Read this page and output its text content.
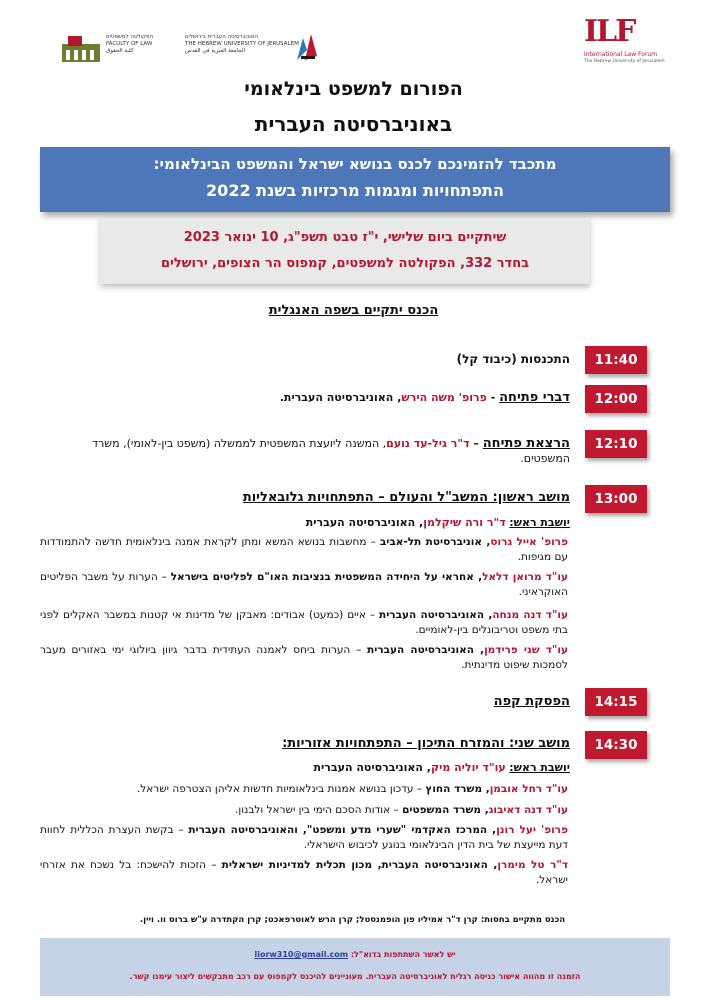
הפקולטה למשפטים
FACULTY OF LAW
كلية الحقوق
האוניברסיטה העברית בירושלים
THE HEBREW UNIVERSITY OF JERUSALEM
الجامعة العبرية في القدس
ILF
International Law Forum
The Hebrew University of Jerusalem
הפורום למשפט בינלאומי
באוניברסיטה העברית
מתכבד להזמינכם לכנס בנושא ישראל והמשפט הבינלאומי:
התפתחויות ומגמות מרכזיות בשנת 2022
שיתקיים ביום שלישי, י"ז טבט תשפ"ג, 10 ינואר 2023
בחדר 332, הפקולטה למשפטים, קמפוס הר הצופים, ירושלים
הכנס יתקיים בשפה האנגלית
11:40
התכנסות (כיבוד קל)
12:00
דברי פתיחה - פרופ' משה הירש, האוניברסיטה העברית.
12:10
הרצאת פתיחה – ד"ר גיל-עד נועם, המשנה ליועצת המשפטית לממשלה (משפט בין-לאומי), משרד המשפטים.
13:00
מושב ראשון: המשב"ל והעולם – התפתחויות גלובאליות
יושבת ראש: ד"ר ורה שיקלמן, האוניברסיטה העברית
פרופ' אייל גרוס, אוניברסיטת תל-אביב – מחשבות בנושא המשא ומתן לקראת אמנה בינלאומית חדשה להתמודדות עם מגיפות.
עו"ד מרואן דלאל, אחראי על היחידה המשפטית בנציבות האו"ם לפליטים בישראל – הערות על משבר הפליטים האוקראיני.
עו"ד דנה מנחה, האוניברסיטה העברית – איים (כמעט) אבודים: מאבקן של מדינות אי קטנות במשבר האקלים לפני בתי משפט וטריבונלים בין-לאומיים.
עו"ד שני פרידמן, האוניברסיטה העברית – הערות ביחס לאמנה העתידית בדבר גיוון ביולוגי ימי באזורים מעבר לסמכות שיפוט מדינתית.
14:15
הפסקת קפה
14:30
מושב שני: והמזרח התיכון – התפתחויות אזוריות:
יושבת ראש: עו"ד יוליה מיק, האוניברסיטה העברית
עו"ד רחל אובמן, משרד החוץ – עדכון בנושא אמנות בינלאומיות חדשות אליהן הצטרפה ישראל.
עו"ד דנה דאיבוג, משרד המשפטים – אודות הסכם הימי בין ישראל ולבנון.
פרופ' יעל רונן, המרכז האקדמי "שערי מדע ומשפט", והאוניברסיטה העברית – בקשת העצרת הכללית לחוות דעת מייעצת של בית הדין הבינלאומי בנוגע לכיבוש הישראלי.
ד"ר טל מימרן, האוניברסיטה העברית, מכון תכלית למדיניות ישראלית – הזכות להישכח: בל נשכח את אזרחי ישראל.
הכנס מתקיים בחסות: קרן ד"ר אמיליו פון הופמנסטל; קרן הרש לאוטרפאכט; קרן הקתדרה ע"ש ברוס וו. ויין.
יש לאשר השתתפות בדוא"ל: liorw310@gmail.com
הזמנה זו מהווה אישור כניסה רגלית לאוניברסיטה העברית. מעוניינים להיכנס לקמפוס עם רכב מתבקשים ליצור עימנו קשר.
